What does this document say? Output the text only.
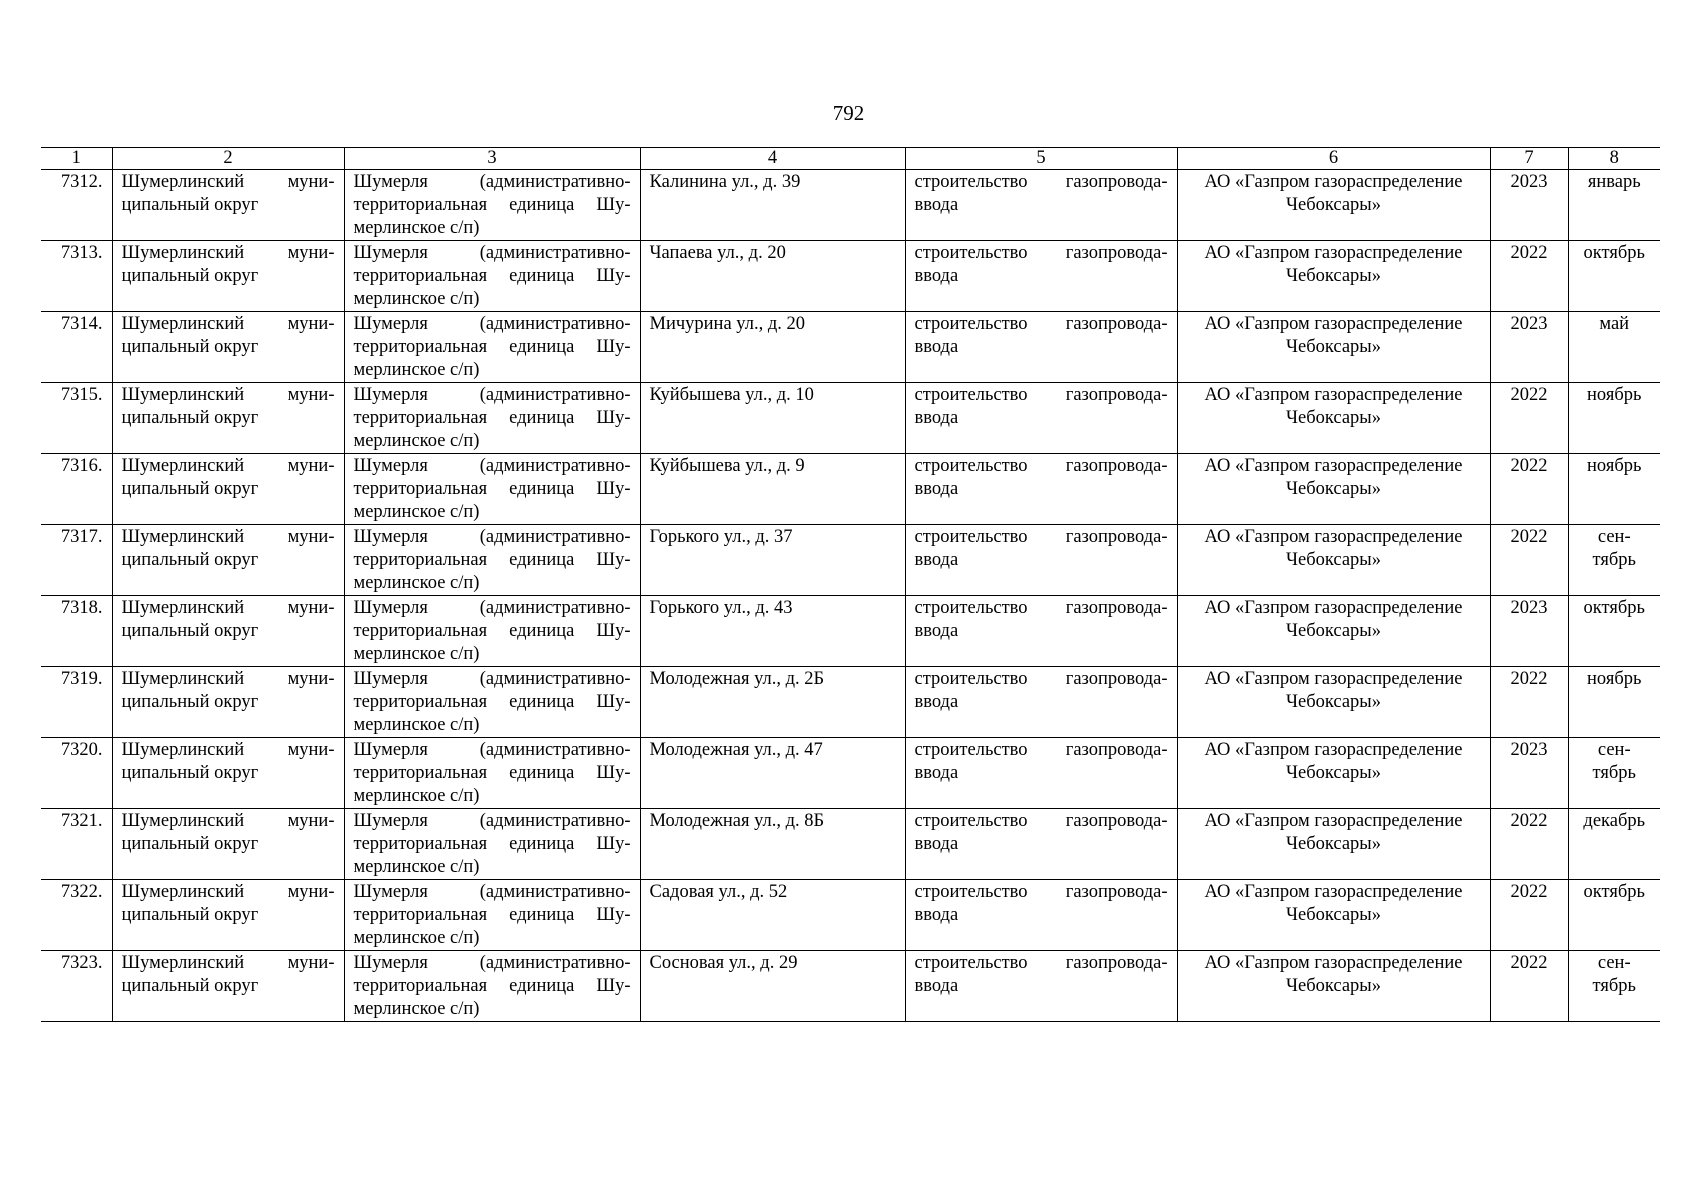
792
1	2	3	4	5	6	7	8
7312.	Шумерлинский муни-ципальный округ	Шумерля (административно-территориальная единица Шу-мерлинское с/п)	Калинина ул., д. 39	строительство газопровода-ввода	АО «Газпром газораспределение Чебоксары»	2023	январь
7313.	Шумерлинский муни-ципальный округ	Шумерля (административно-территориальная единица Шу-мерлинское с/п)	Чапаева ул., д. 20	строительство газопровода-ввода	АО «Газпром газораспределение Чебоксары»	2022	октябрь
7314.	Шумерлинский муни-ципальный округ	Шумерля (административно-территориальная единица Шу-мерлинское с/п)	Мичурина ул., д. 20	строительство газопровода-ввода	АО «Газпром газораспределение Чебоксары»	2023	май
7315.	Шумерлинский муни-ципальный округ	Шумерля (административно-территориальная единица Шу-мерлинское с/п)	Куйбышева ул., д. 10	строительство газопровода-ввода	АО «Газпром газораспределение Чебоксары»	2022	ноябрь
7316.	Шумерлинский муни-ципальный округ	Шумерля (административно-территориальная единица Шу-мерлинское с/п)	Куйбышева ул., д. 9	строительство газопровода-ввода	АО «Газпром газораспределение Чебоксары»	2022	ноябрь
7317.	Шумерлинский муни-ципальный округ	Шумерля (административно-территориальная единица Шу-мерлинское с/п)	Горького ул., д. 37	строительство газопровода-ввода	АО «Газпром газораспределение Чебоксары»	2022	сен-тябрь
7318.	Шумерлинский муни-ципальный округ	Шумерля (административно-территориальная единица Шу-мерлинское с/п)	Горького ул., д. 43	строительство газопровода-ввода	АО «Газпром газораспределение Чебоксары»	2023	октябрь
7319.	Шумерлинский муни-ципальный округ	Шумерля (административно-территориальная единица Шу-мерлинское с/п)	Молодежная ул., д. 2Б	строительство газопровода-ввода	АО «Газпром газораспределение Чебоксары»	2022	ноябрь
7320.	Шумерлинский муни-ципальный округ	Шумерля (административно-территориальная единица Шу-мерлинское с/п)	Молодежная ул., д. 47	строительство газопровода-ввода	АО «Газпром газораспределение Чебоксары»	2023	сен-тябрь
7321.	Шумерлинский муни-ципальный округ	Шумерля (административно-территориальная единица Шу-мерлинское с/п)	Молодежная ул., д. 8Б	строительство газопровода-ввода	АО «Газпром газораспределение Чебоксары»	2022	декабрь
7322.	Шумерлинский муни-ципальный округ	Шумерля (административно-территориальная единица Шу-мерлинское с/п)	Садовая ул., д. 52	строительство газопровода-ввода	АО «Газпром газораспределение Чебоксары»	2022	октябрь
7323.	Шумерлинский муни-ципальный округ	Шумерля (административно-территориальная единица Шу-мерлинское с/п)	Сосновая ул., д. 29	строительство газопровода-ввода	АО «Газпром газораспределение Чебоксары»	2022	сен-тябрь
